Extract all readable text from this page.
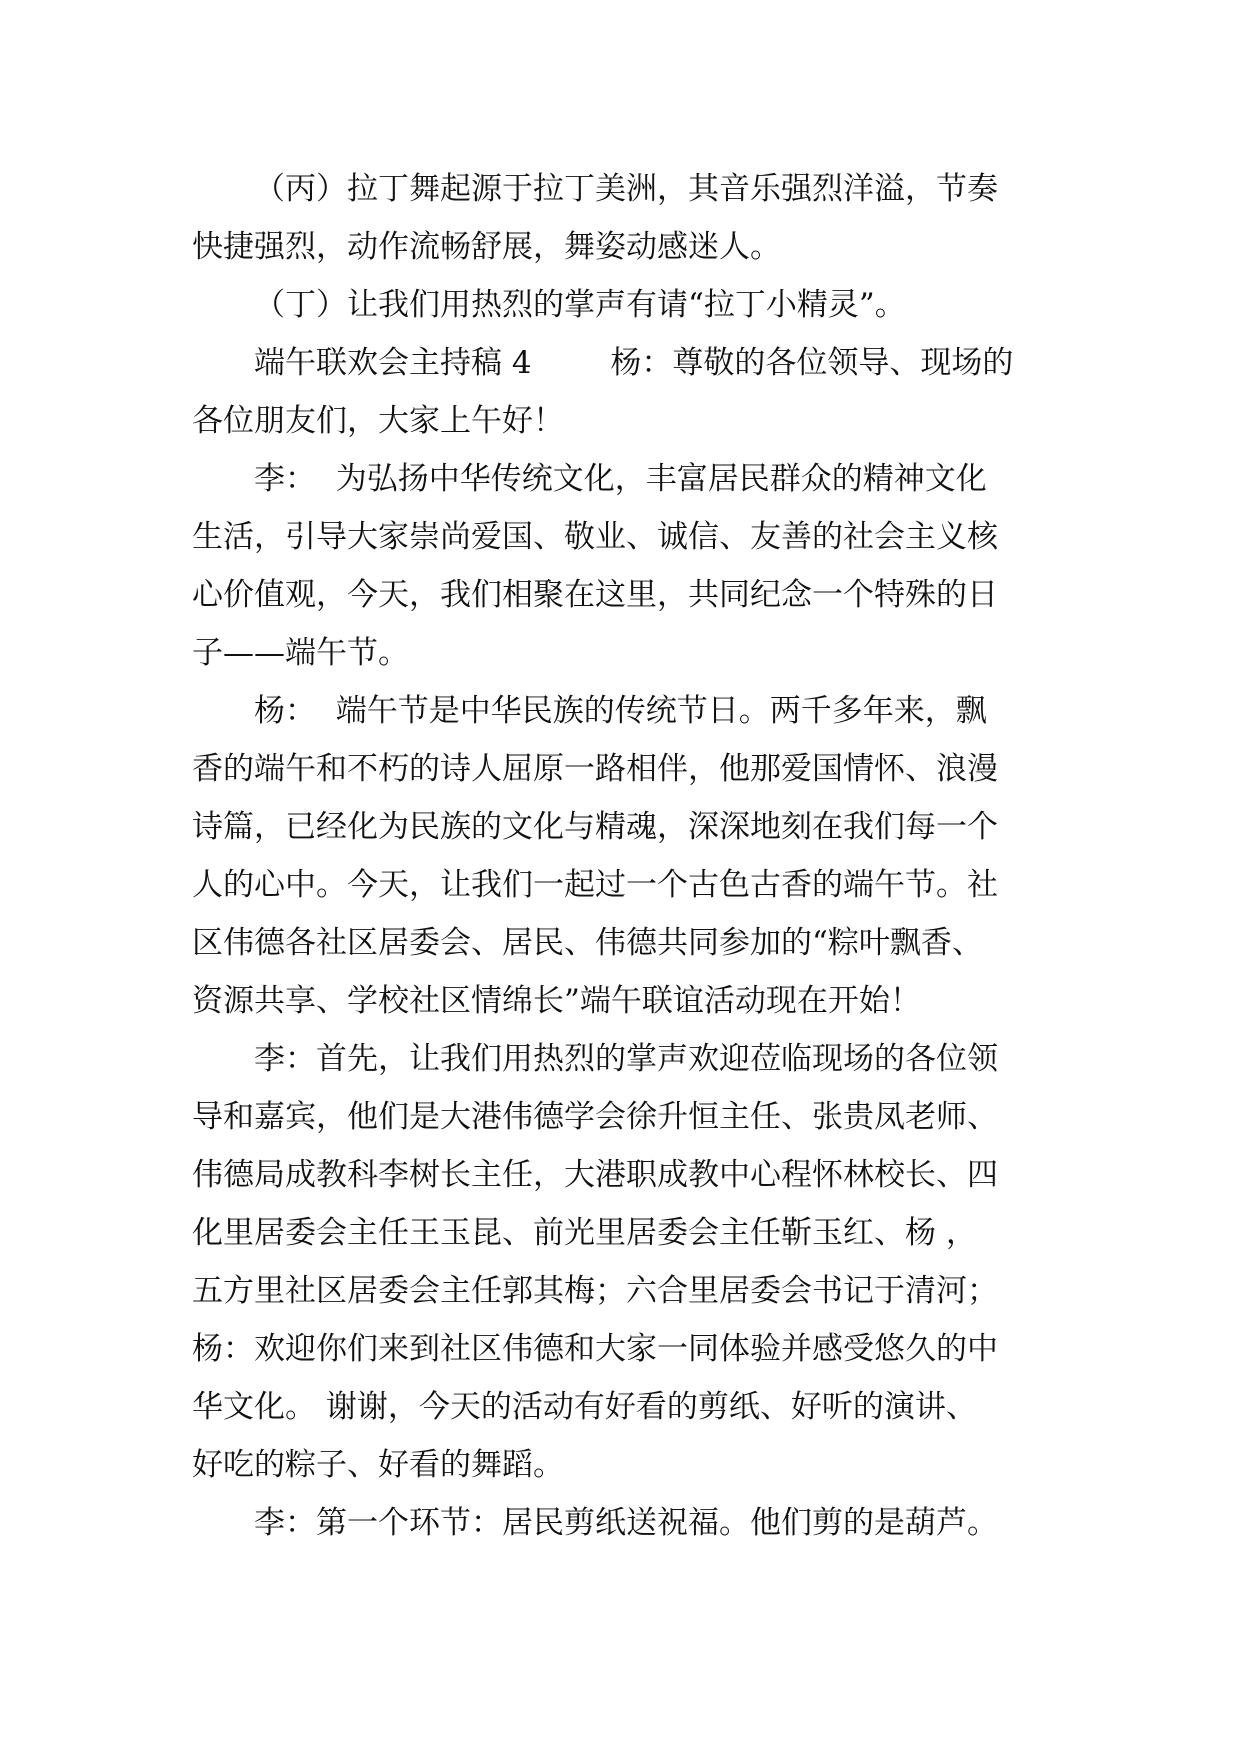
（丙）拉丁舞起源于拉丁美洲，其音乐强烈洋溢，节奏
快捷强烈，动作流畅舒展，舞姿动感迷人。
（丁）让我们用热烈的掌声有请“拉丁小精灵”。
端午联欢会主持稿 4        杨：尊敬的各位领导、现场的
各位朋友们，大家上午好！
李：  为弘扬中华传统文化，丰富居民群众的精神文化
生活，引导大家崇尚爱国、敬业、诚信、友善的社会主义核
心价值观，今天，我们相聚在这里，共同纪念一个特殊的日
子——端午节。
杨：  端午节是中华民族的传统节日。两千多年来，飘
香的端午和不朽的诗人屈原一路相伴，他那爱国情怀、浪漫
诗篇，已经化为民族的文化与精魂，深深地刻在我们每一个
人的心中。今天，让我们一起过一个古色古香的端午节。社
区伟德各社区居委会、居民、伟德共同参加的“粽叶飘香、
资源共享、学校社区情绵长”端午联谊活动现在开始！
李：首先，让我们用热烈的掌声欢迎莅临现场的各位领
导和嘉宾，他们是大港伟德学会徐升恒主任、张贵凤老师、
伟德局成教科李树长主任，大港职成教中心程怀林校长、四
化里居委会主任王玉昆、前光里居委会主任靳玉红、杨 ，
五方里社区居委会主任郭其梅；六合里居委会书记于清河；
杨：欢迎你们来到社区伟德和大家一同体验并感受悠久的中
华文化。 谢谢，今天的活动有好看的剪纸、好听的演讲、
好吃的粽子、好看的舞蹈。
李：第一个环节：居民剪纸送祝福。他们剪的是葫芦。
